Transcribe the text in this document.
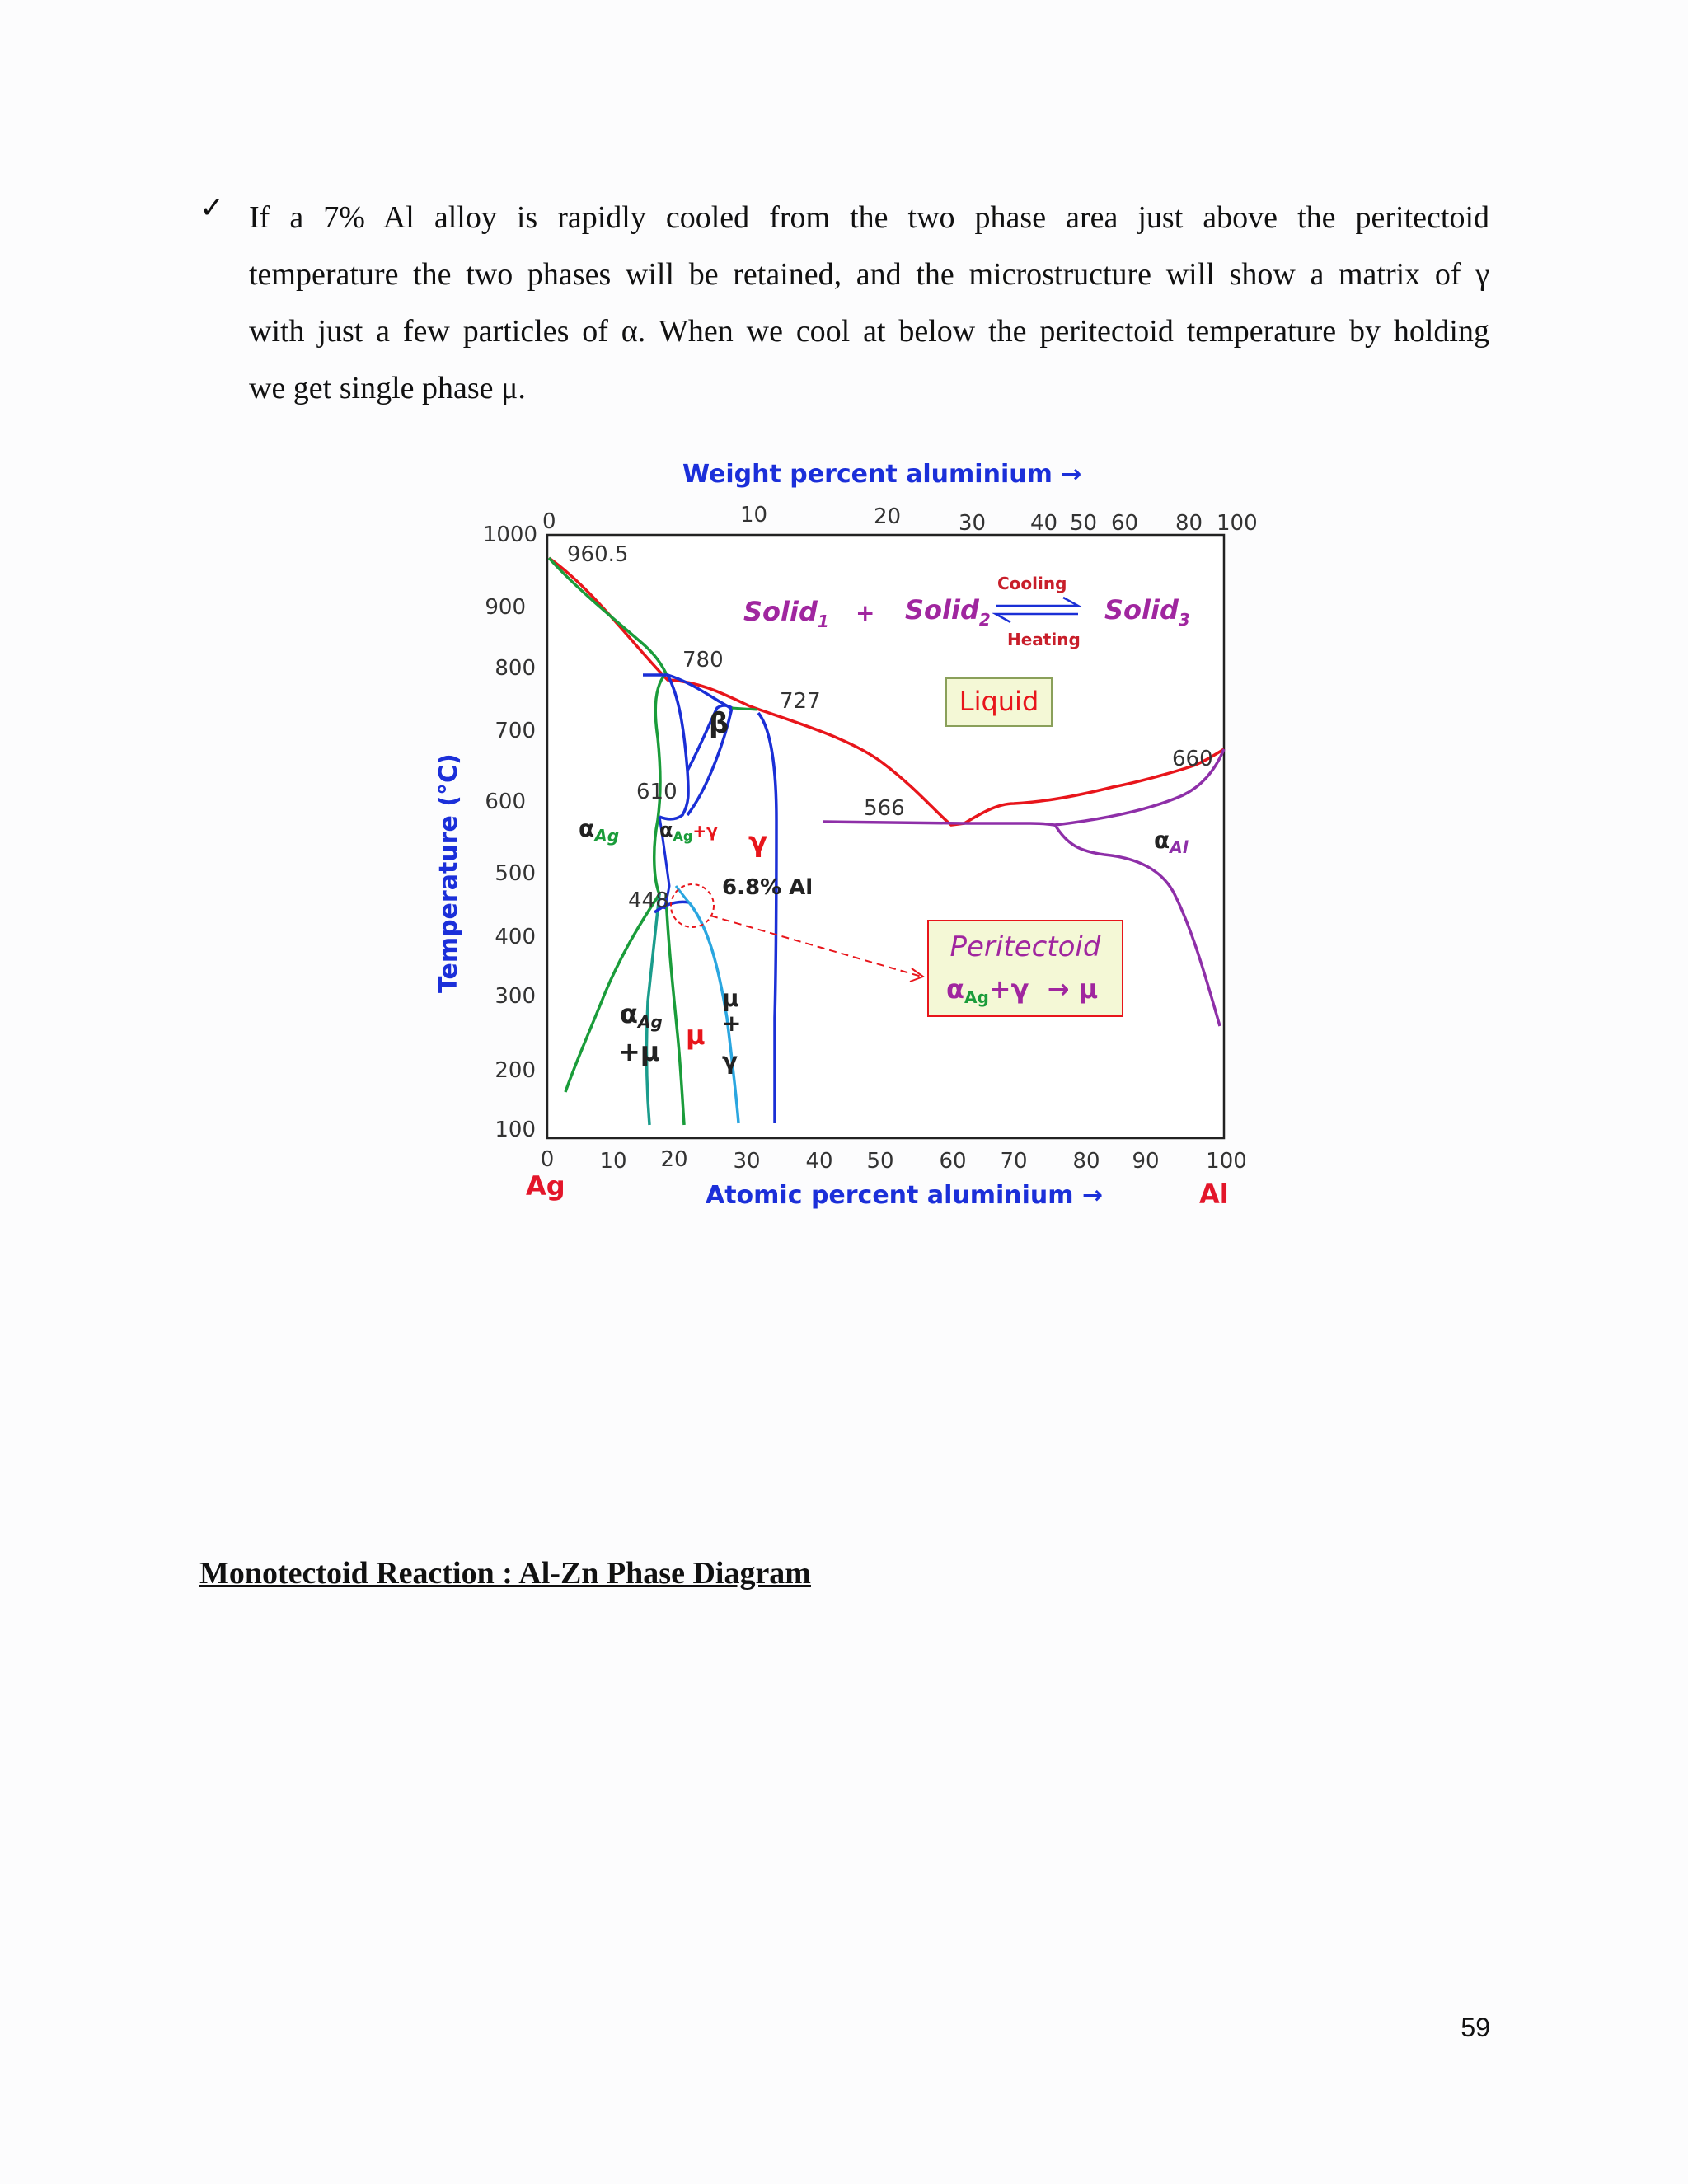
✓ If a 7% Al alloy is rapidly cooled from the two phase area just above the peritectoid
temperature the two phases will be retained, and the microstructure will show a matrix of γ
with just a few particles of α. When we cool at below the peritectoid temperature by holding
we get single phase μ.
Weight percent aluminium →
0	10	20	30 40 50 60 80 100
1000
900
800
700
600
500
400
300
200
100
Temperature (°C)
0 10 20 30 40 50 60 70 80 90 100
Ag	Atomic percent aluminium →	Al
960.5
780
727
660
610
566
448
Solid$_1$ + Solid$_2$	Solid$_3$
Cooling
Heating
Liquid
β
γ
$\alpha_{Ag}$ $\alpha_{Ag}^{+\gamma}$
6.8% Al
αAg
+μ
μ
μ
+
γ
$\alpha_{Al}$
Peritectoid
αAg+γ  → μ
Monotectoid Reaction : Al-Zn Phase Diagram
59
